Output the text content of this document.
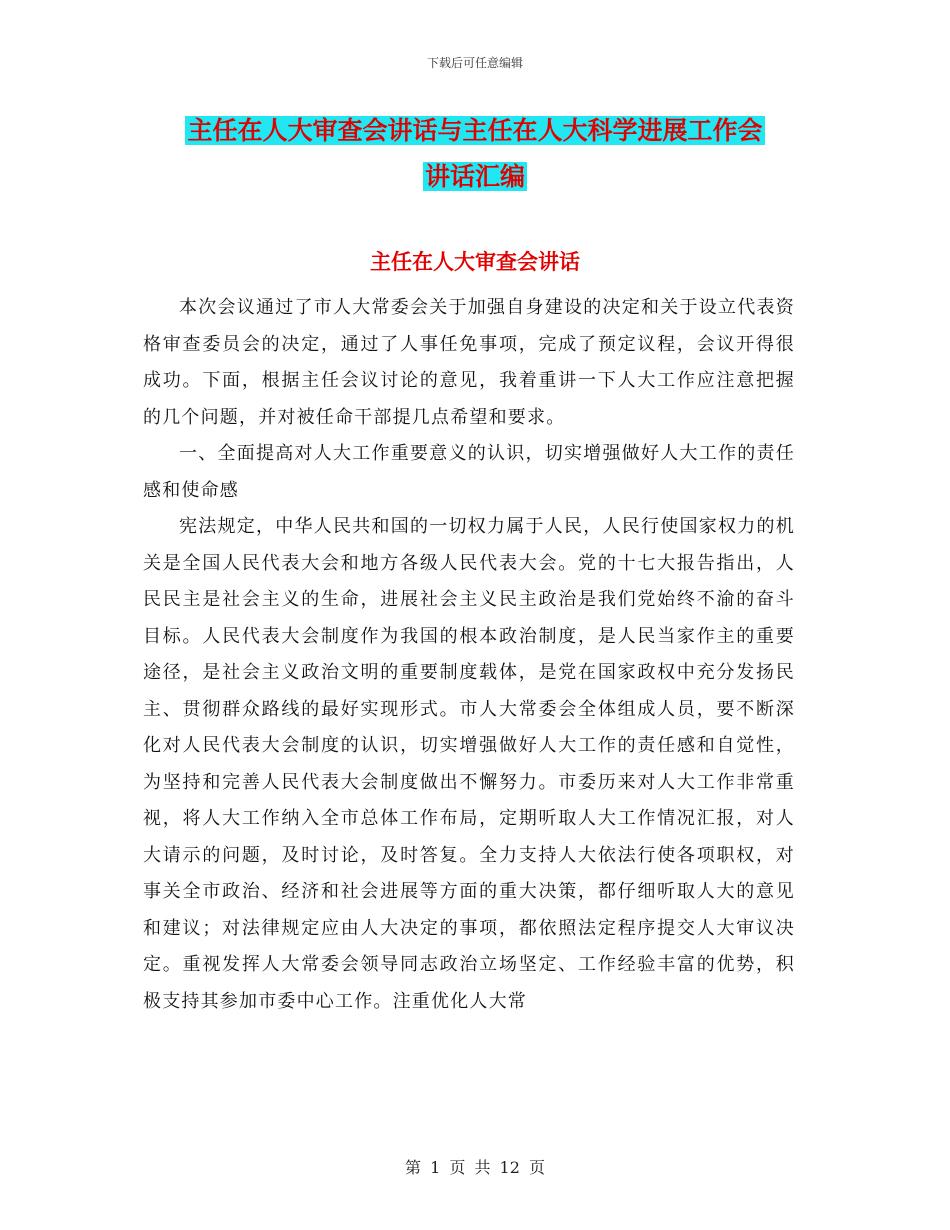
下载后可任意编辑
主任在人大审查会讲话与主任在人大科学进展工作会
讲话汇编
主任在人大审查会讲话

本次会议通过了市人大常委会关于加强自身建设的决定和关于设立代表资格审查委员会的决定，通过了人事任免事项，完成了预定议程，会议开得很成功。下面，根据主任会议讨论的意见，我着重讲一下人大工作应注意把握的几个问题，并对被任命干部提几点希望和要求。

一、全面提高对人大工作重要意义的认识，切实增强做好人大工作的责任感和使命感

宪法规定，中华人民共和国的一切权力属于人民，人民行使国家权力的机关是全国人民代表大会和地方各级人民代表大会。党的十七大报告指出，人民民主是社会主义的生命，进展社会主义民主政治是我们党始终不渝的奋斗目标。人民代表大会制度作为我国的根本政治制度，是人民当家作主的重要途径，是社会主义政治文明的重要制度载体，是党在国家政权中充分发扬民主、贯彻群众路线的最好实现形式。市人大常委会全体组成人员，要不断深化对人民代表大会制度的认识，切实增强做好人大工作的责任感和自觉性，为坚持和完善人民代表大会制度做出不懈努力。市委历来对人大工作非常重视，将人大工作纳入全市总体工作布局，定期听取人大工作情况汇报，对人大请示的问题，及时讨论，及时答复。全力支持人大依法行使各项职权，对事关全市政治、经济和社会进展等方面的重大决策，都仔细听取人大的意见和建议；对法律规定应由人大决定的事项，都依照法定程序提交人大审议决定。重视发挥人大常委会领导同志政治立场坚定、工作经验丰富的优势，积极支持其参加市委中心工作。注重优化人大常

第 1 页 共 12 页
